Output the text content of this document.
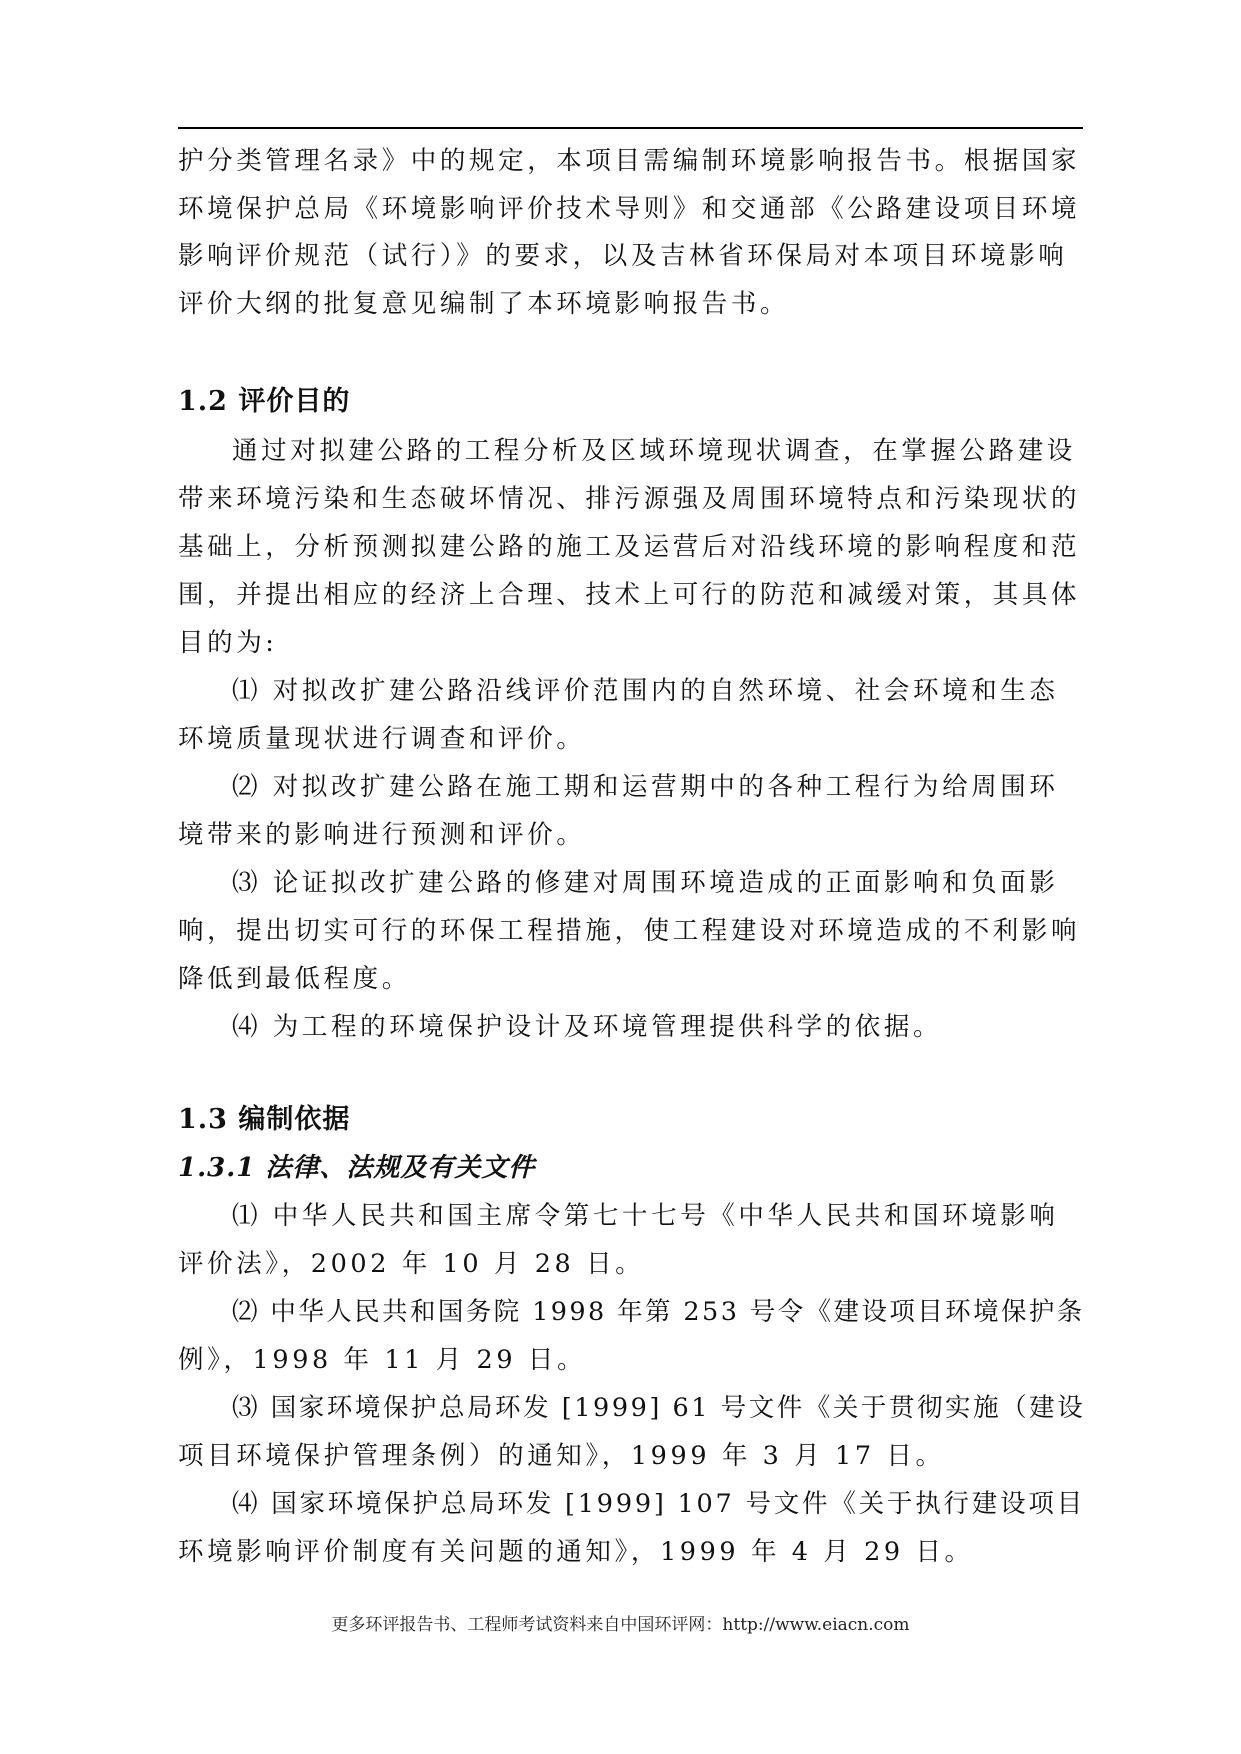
护分类管理名录》中的规定，本项目需编制环境影响报告书。根据国家
环境保护总局《环境影响评价技术导则》和交通部《公路建设项目环境
影响评价规范（试行）》的要求，以及吉林省环保局对本项目环境影响
评价大纲的批复意见编制了本环境影响报告书。
1.2 评价目的
通过对拟建公路的工程分析及区域环境现状调查，在掌握公路建设
带来环境污染和生态破坏情况、排污源强及周围环境特点和污染现状的
基础上，分析预测拟建公路的施工及运营后对沿线环境的影响程度和范
围，并提出相应的经济上合理、技术上可行的防范和减缓对策，其具体
目的为:
⑴ 对拟改扩建公路沿线评价范围内的自然环境、社会环境和生态
环境质量现状进行调查和评价。
⑵ 对拟改扩建公路在施工期和运营期中的各种工程行为给周围环
境带来的影响进行预测和评价。
⑶ 论证拟改扩建公路的修建对周围环境造成的正面影响和负面影
响，提出切实可行的环保工程措施，使工程建设对环境造成的不利影响
降低到最低程度。
⑷ 为工程的环境保护设计及环境管理提供科学的依据。
1.3 编制依据
1.3.1 法律、法规及有关文件
⑴ 中华人民共和国主席令第七十七号《中华人民共和国环境影响
评价法》，2002 年 10 月 28 日。
⑵ 中华人民共和国务院 1998 年第 253 号令《建设项目环境保护条
例》，1998 年 11 月 29 日。
⑶ 国家环境保护总局环发 [1999] 61 号文件《关于贯彻实施（建设
项目环境保护管理条例）的通知》，1999 年 3 月 17 日。
⑷ 国家环境保护总局环发 [1999] 107 号文件《关于执行建设项目
环境影响评价制度有关问题的通知》，1999 年 4 月 29 日。
更多环评报告书、工程师考试资料来自中国环评网：http://www.eiacn.com
